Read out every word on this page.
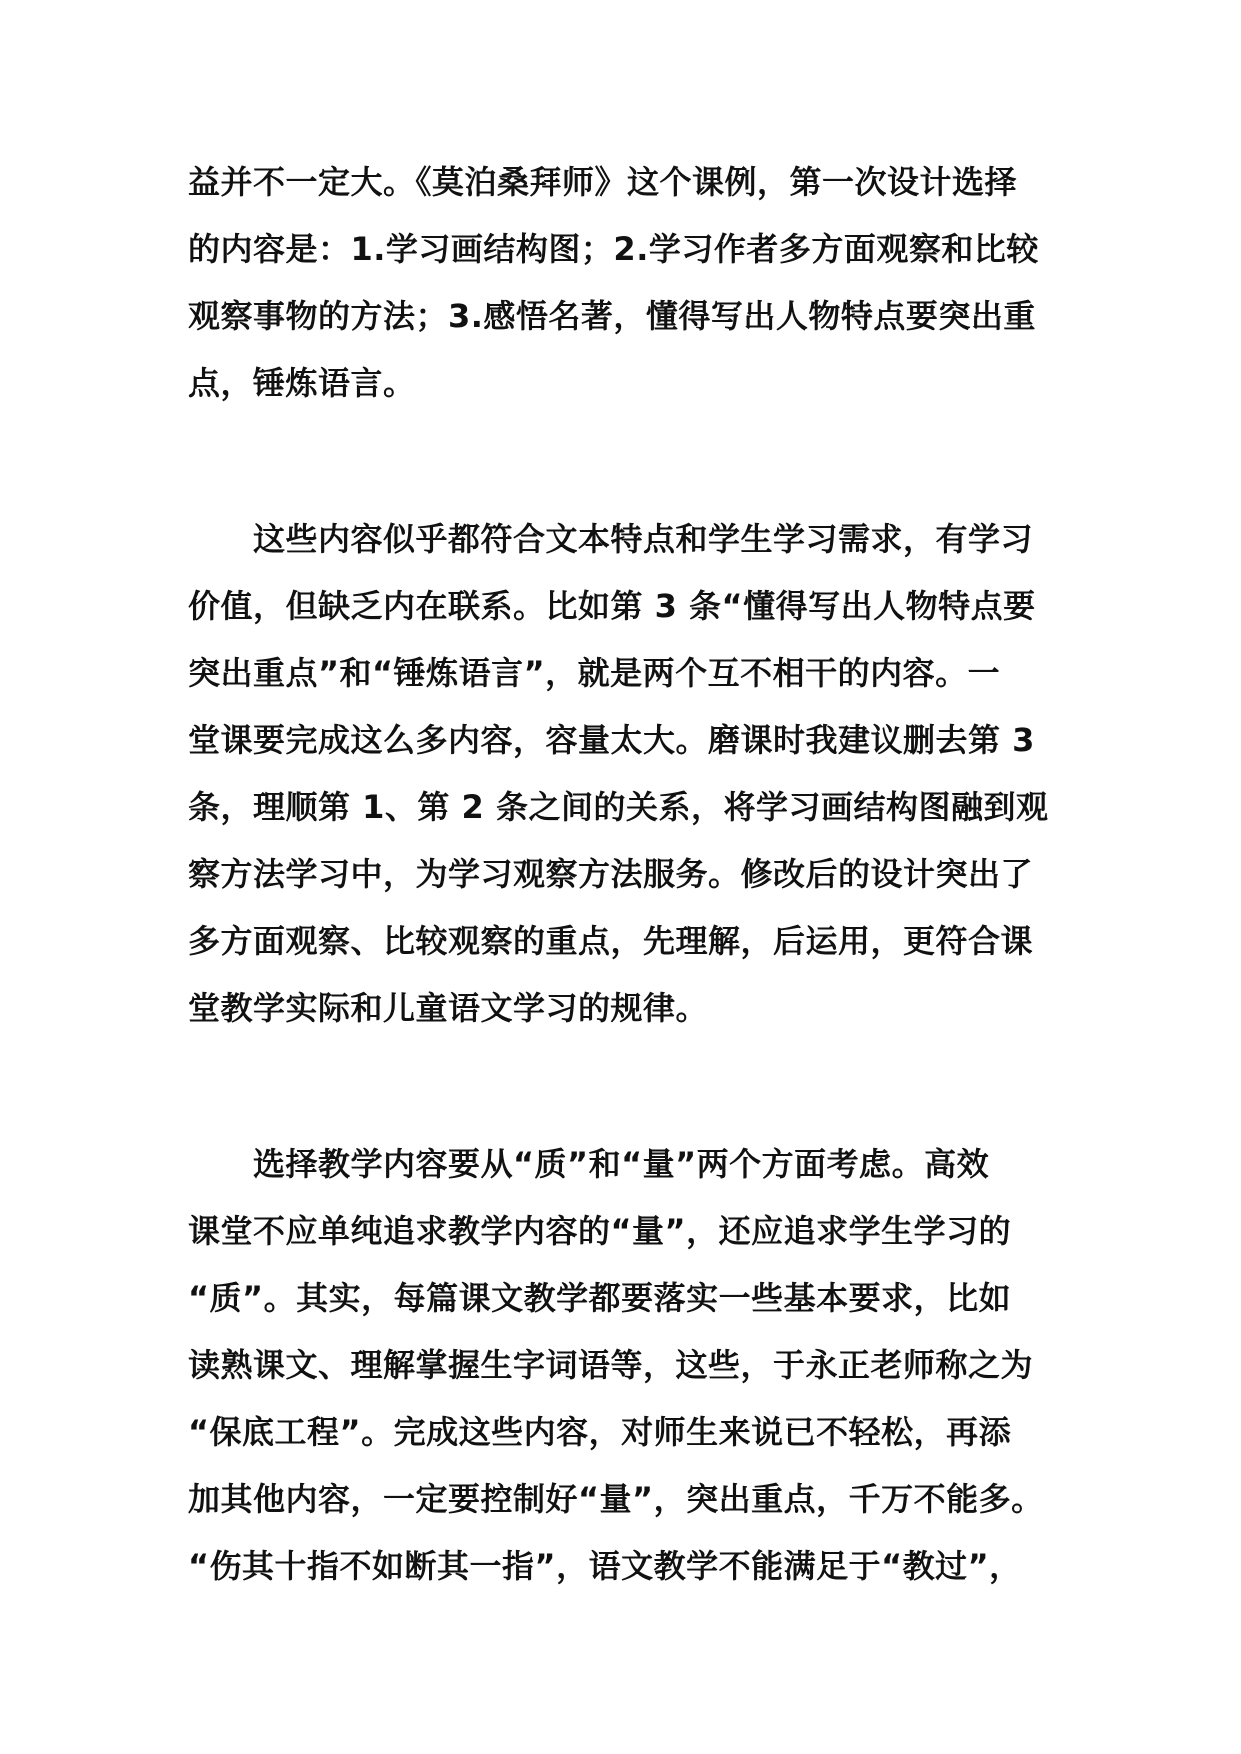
益并不一定大。《莫泊桑拜师》这个课例，第一次设计选择
的内容是：1.学习画结构图；2.学习作者多方面观察和比较
观察事物的方法；3.感悟名著，懂得写出人物特点要突出重
点，锤炼语言。
　　这些内容似乎都符合文本特点和学生学习需求，有学习
价值，但缺乏内在联系。比如第 3 条“懂得写出人物特点要
突出重点”和“锤炼语言”，就是两个互不相干的内容。一
堂课要完成这么多内容，容量太大。磨课时我建议删去第 3
条，理顺第 1、第 2 条之间的关系，将学习画结构图融到观
察方法学习中，为学习观察方法服务。修改后的设计突出了
多方面观察、比较观察的重点，先理解，后运用，更符合课
堂教学实际和儿童语文学习的规律。
　　选择教学内容要从“质”和“量”两个方面考虑。高效
课堂不应单纯追求教学内容的“量”，还应追求学生学习的
“质”。其实，每篇课文教学都要落实一些基本要求，比如
读熟课文、理解掌握生字词语等，这些，于永正老师称之为
“保底工程”。完成这些内容，对师生来说已不轻松，再添
加其他内容，一定要控制好“量”，突出重点，千万不能多。
“伤其十指不如断其一指”，语文教学不能满足于“教过”，
